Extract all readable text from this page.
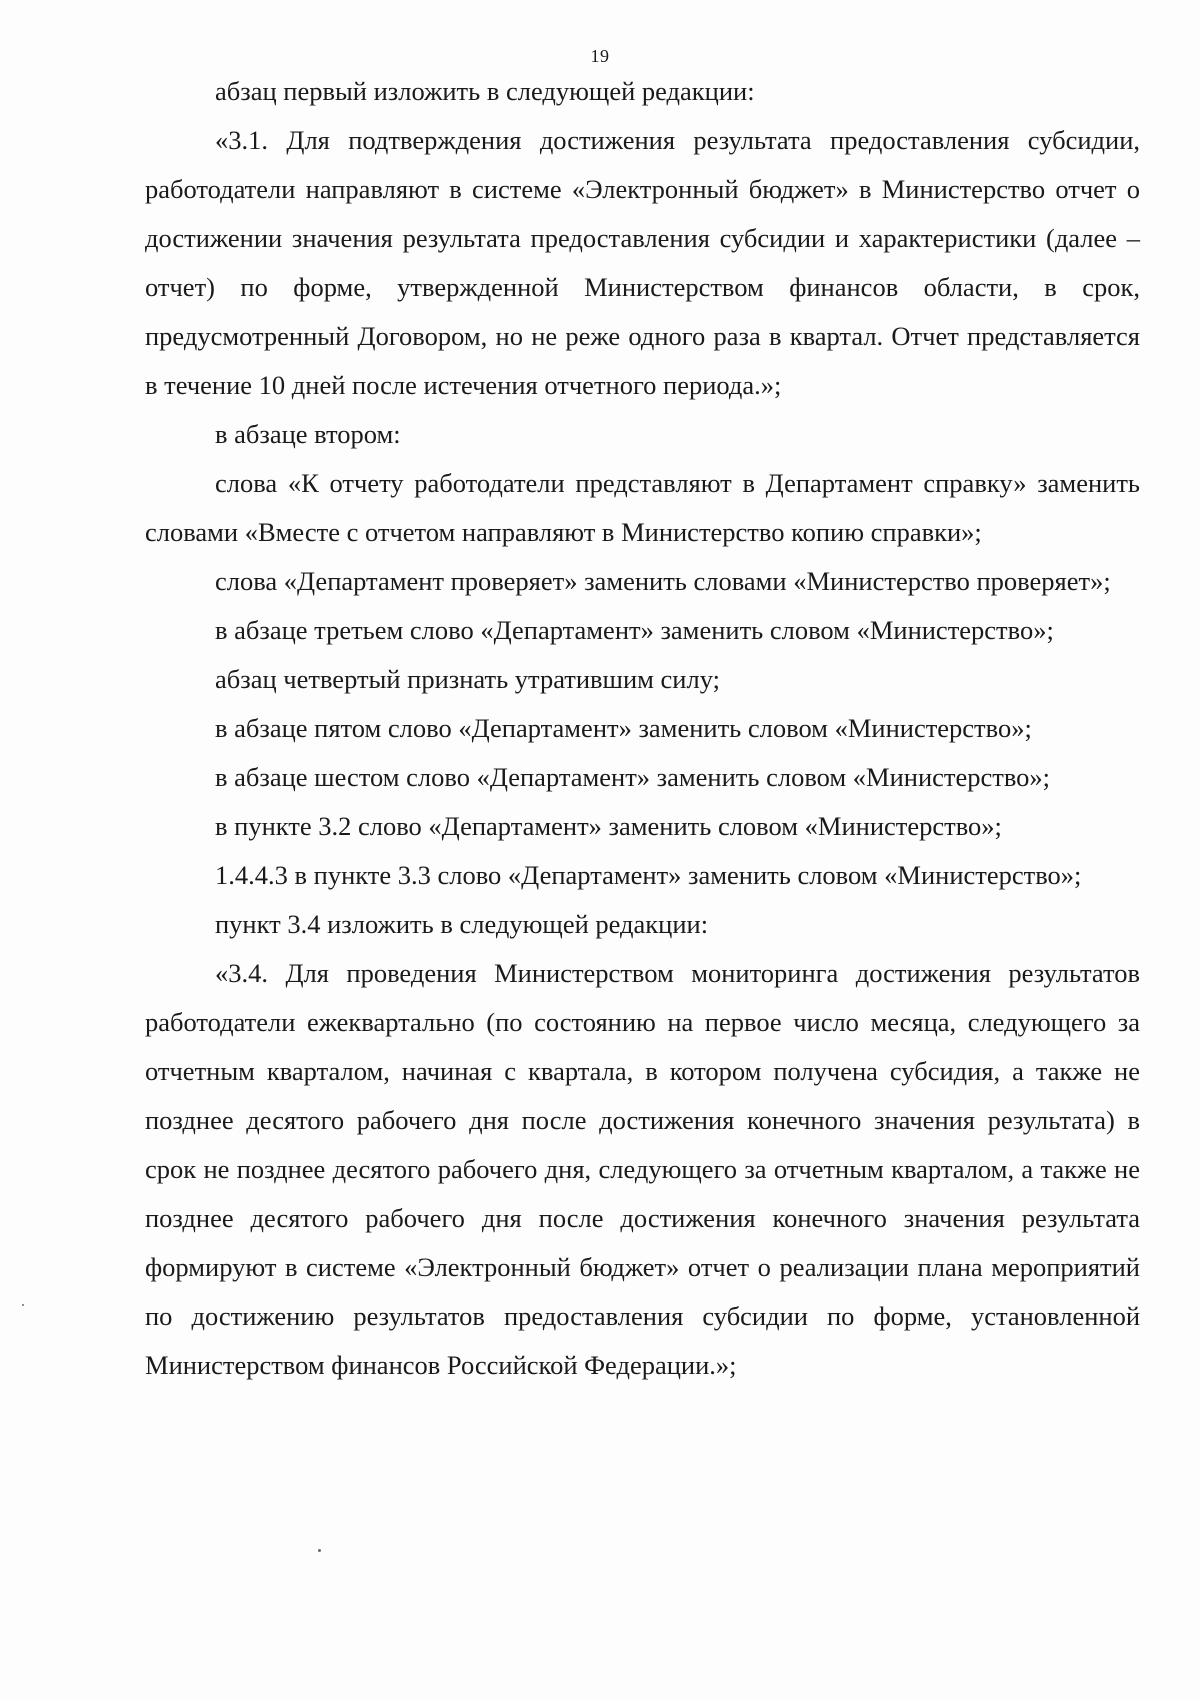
19

абзац первый изложить в следующей редакции:

«3.1. Для подтверждения достижения результата предоставления субсидии, работодатели направляют в системе «Электронный бюджет» в Министерство отчет о достижении значения результата предоставления субсидии и характеристики (далее – отчет) по форме, утвержденной Министерством финансов области, в срок, предусмотренный Договором, но не реже одного раза в квартал. Отчет представляется в течение 10 дней после истечения отчетного периода.»;

в абзаце втором:

слова «К отчету работодатели представляют в Департамент справку» заменить словами «Вместе с отчетом направляют в Министерство копию справки»;

слова «Департамент проверяет» заменить словами «Министерство проверяет»;

в абзаце третьем слово «Департамент» заменить словом «Министерство»;

абзац четвертый признать утратившим силу;

в абзаце пятом слово «Департамент» заменить словом «Министерство»;

в абзаце шестом слово «Департамент» заменить словом «Министерство»;

в пункте 3.2 слово «Департамент» заменить словом «Министерство»;

1.4.4.3 в пункте 3.3 слово «Департамент» заменить словом «Министерство»;

пункт 3.4 изложить в следующей редакции:

«3.4. Для проведения Министерством мониторинга достижения результатов работодатели ежеквартально (по состоянию на первое число месяца, следующего за отчетным кварталом, начиная с квартала, в котором получена субсидия, а также не позднее десятого рабочего дня после достижения конечного значения результата) в срок не позднее десятого рабочего дня, следующего за отчетным кварталом, а также не позднее десятого рабочего дня после достижения конечного значения результата формируют в системе «Электронный бюджет» отчет о реализации плана мероприятий по достижению результатов предоставления субсидии по форме, установленной Министерством финансов Российской Федерации.»;
